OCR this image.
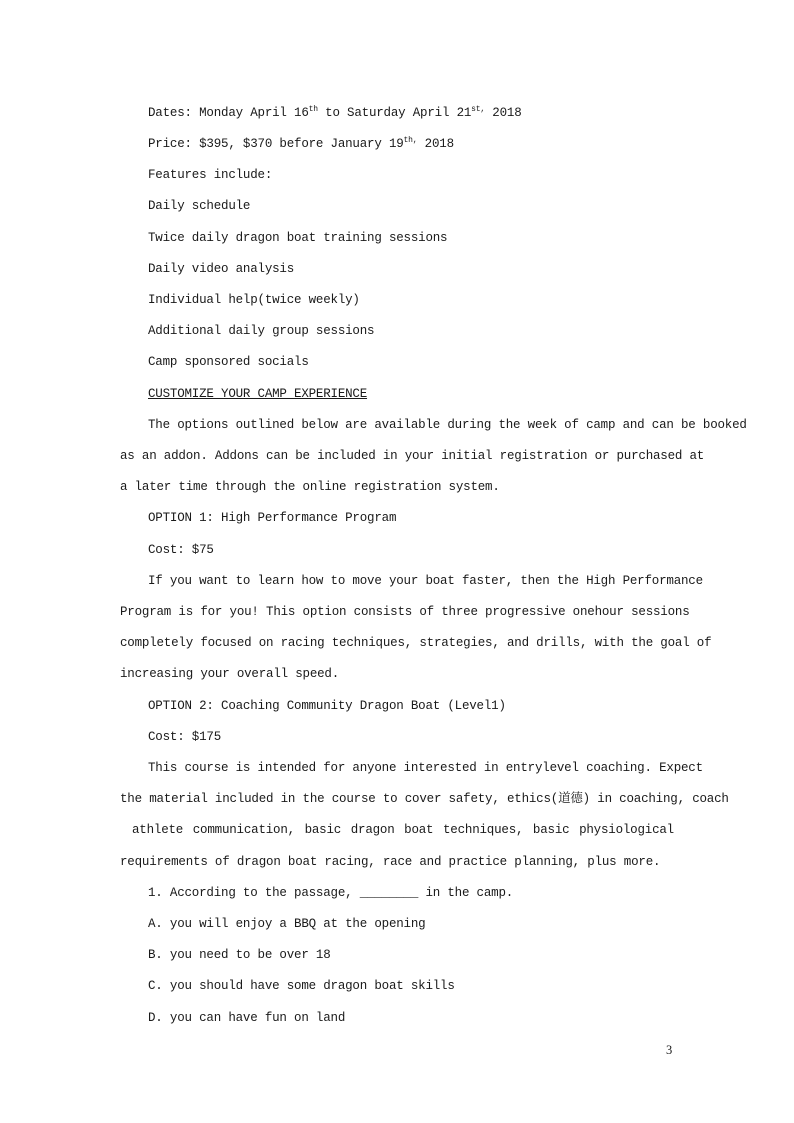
Dates: Monday April 16th to Saturday April $21^{st,}$ 2018
Price: $395, $370 before January $19^{th,}$ 2018
Features include:
Daily schedule
Twice daily dragon boat training sessions
Daily video analysis
Individual help(twice weekly)
Additional daily group sessions
Camp sponsored socials
CUSTOMIZE YOUR CAMP EXPERIENCE
The options outlined below are available during the week of camp and can be booked
as an addon. Addons can be included in your initial registration or purchased at
a later time through the online registration system.
OPTION 1: High Performance Program
Cost: $75
If you want to learn how to move your boat faster, then the High Performance
Program is for you! This option consists of three progressive onehour sessions
completely focused on racing techniques, strategies, and drills, with the goal of
increasing your overall speed.
OPTION 2: Coaching Community Dragon Boat (Level1)
Cost: $175
This course is intended for anyone interested in entrylevel coaching. Expect
the material included in the course to cover safety, ethics(道德) in coaching, coach
athlete communication, basic dragon boat techniques, basic physiological
requirements of dragon boat racing, race and practice planning, plus more.
1. According to the passage, ________ in the camp.
A. you will enjoy a BBQ at the opening
B. you need to be over 18
C. you should have some dragon boat skills
D. you can have fun on land
3
